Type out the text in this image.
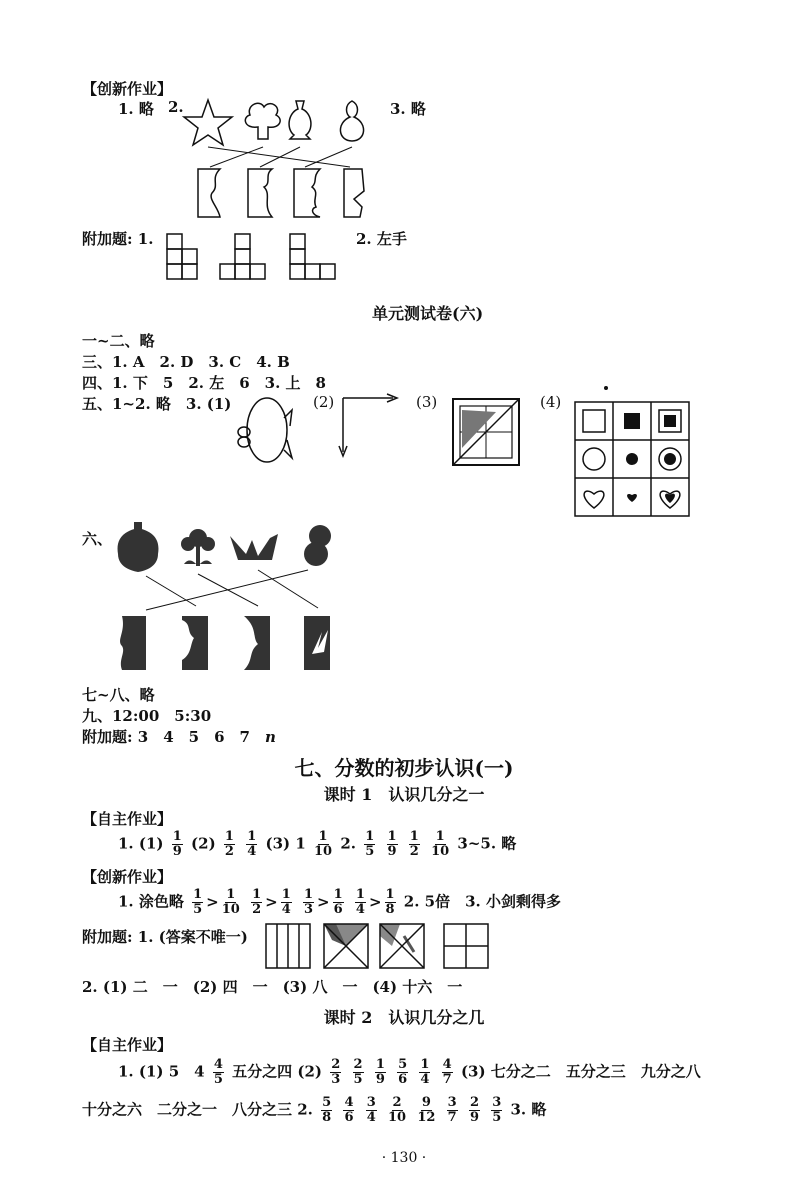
【创新作业】
1. 略 2.	3. 略
附加题: 1.	2. 左手
单元测试卷(六)
一~二、略
三、1. A　2. D　3. C　4. B
四、1. 下　5　2. 左　6　3. 上　8
五、1~2. 略　3. (1)	(2)	(3)	(4)
六、
七~八、略
九、12:00　5:30
附加题: 3　4　5　6　7　n
七、分数的初步认识(一)
课时 1　认识几分之一
【自主作业】
1. $(1) \frac{1}{9} (2) \frac{1}{2}$
$\frac{1}{4} (3)$ $1 \frac{1}{10} 2$. $\frac{1}{5}$
$\frac{1}{9}$
$\frac{1}{2}$
$\frac{1}{10}$ 3~5. 略
【创新作业】
1. 涂色略 $\frac{1}{5} > \frac{1}{10}$
$\frac{1}{2} > \frac{1}{4}$
$\frac{1}{3} > \frac{1}{6}$
$\frac{1}{4} > \frac{1}{8} 2$. 5倍　3. 小剑剩得多
附加题: 1. (答案不唯一)
2. (1) 二　一　(2) 四　一　(3) 八　一　(4) 十六　一
课时 2　认识几分之几
【自主作业】
1. (1) 5　$4 \frac{4}{5}$ 五分之四 $(2) \frac{2}{3}$
$\frac{2}{5}$
$\frac{1}{9}$
$\frac{5}{6}$
$\frac{1}{4}$
$\frac{4}{7} (3)$ 七分之二　五分之三　九分之八
十分之六　二分之一　八分之三 2. $\frac{5}{8}$
$\frac{4}{6}$
$\frac{3}{4}$
$\frac{2}{10}$
$\frac{9}{12}$
$\frac{3}{7}$
$\frac{2}{9}$
$\frac{3}{5} 3$. 略
· 130 ·
